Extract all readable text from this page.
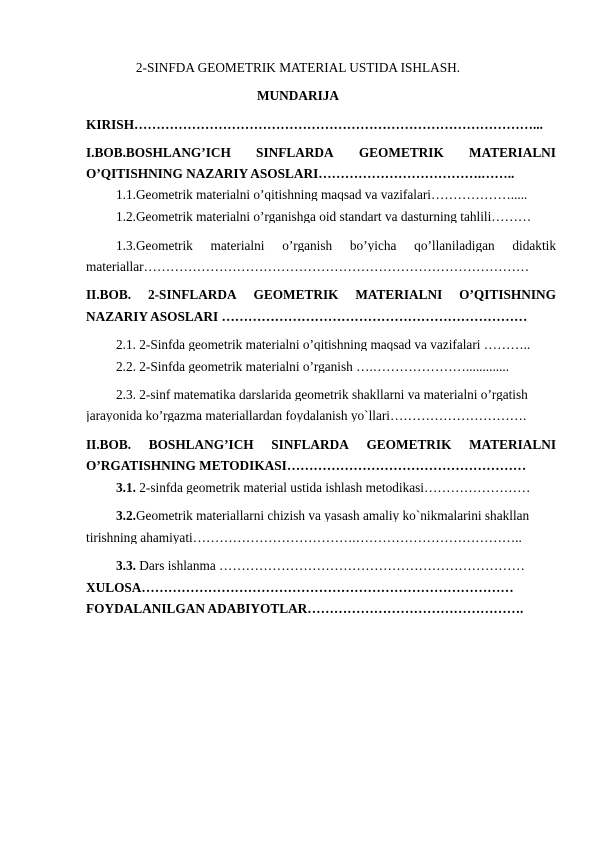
2-SINFDA GEOMETRIK MATERIAL USTIDA ISHLASH.
MUNDARIJA
KIRISH………………………………………………………………………………...
I.BOB.BOSHLANG’ICH SINFLARDA GEOMETRIK MATERIALNI
O’QITISHNING NAZARIY ASOSLARI……………………………….……..
1.1.Geometrik materialni o’qitishning maqsad va vazifalari……………….....
1.2.Geometrik materialni o’rganishga oid standart va dasturning tahlili………
1.3.Geometrik materialni o’rganish bo’yicha qo’llaniladigan didaktik
materiallar……………………………………………………………………………
II.BOB. 2-SINFLARDA GEOMETRIK MATERIALNI O’QITISHNING
NAZARIY ASOSLARI ……………………………………………………………
2.1. 2-Sinfda geometrik materialni o’qitishning maqsad va vazifalari ………..
2.2. 2-Sinfda geometrik materialni o’rganish ….………………….............
2.3. 2-sinf matematika darslarida geometrik shakllarni va materialni o’rgatish
jarayonida ko’rgazma materiallardan foydalanish yo`llari………………………….
II.BOB. BOSHLANG’ICH SINFLARDA GEOMETRIK MATERIALNI
O’RGATISHNING METODIKASI………………………………………………
3.1. 2-sinfda geometrik material ustida ishlash metodikasi……………………
3.2.Geometrik materiallarni chizish va yasash amaliy ko`nikmalarini shakllan
tirishning ahamiyati……………………………….………………………………..
3.3. Dars ishlanma ……………………………………………………………
XULOSA…………………………………………………………………………
FOYDALANILGAN ADABIYOTLAR………………………………………….
